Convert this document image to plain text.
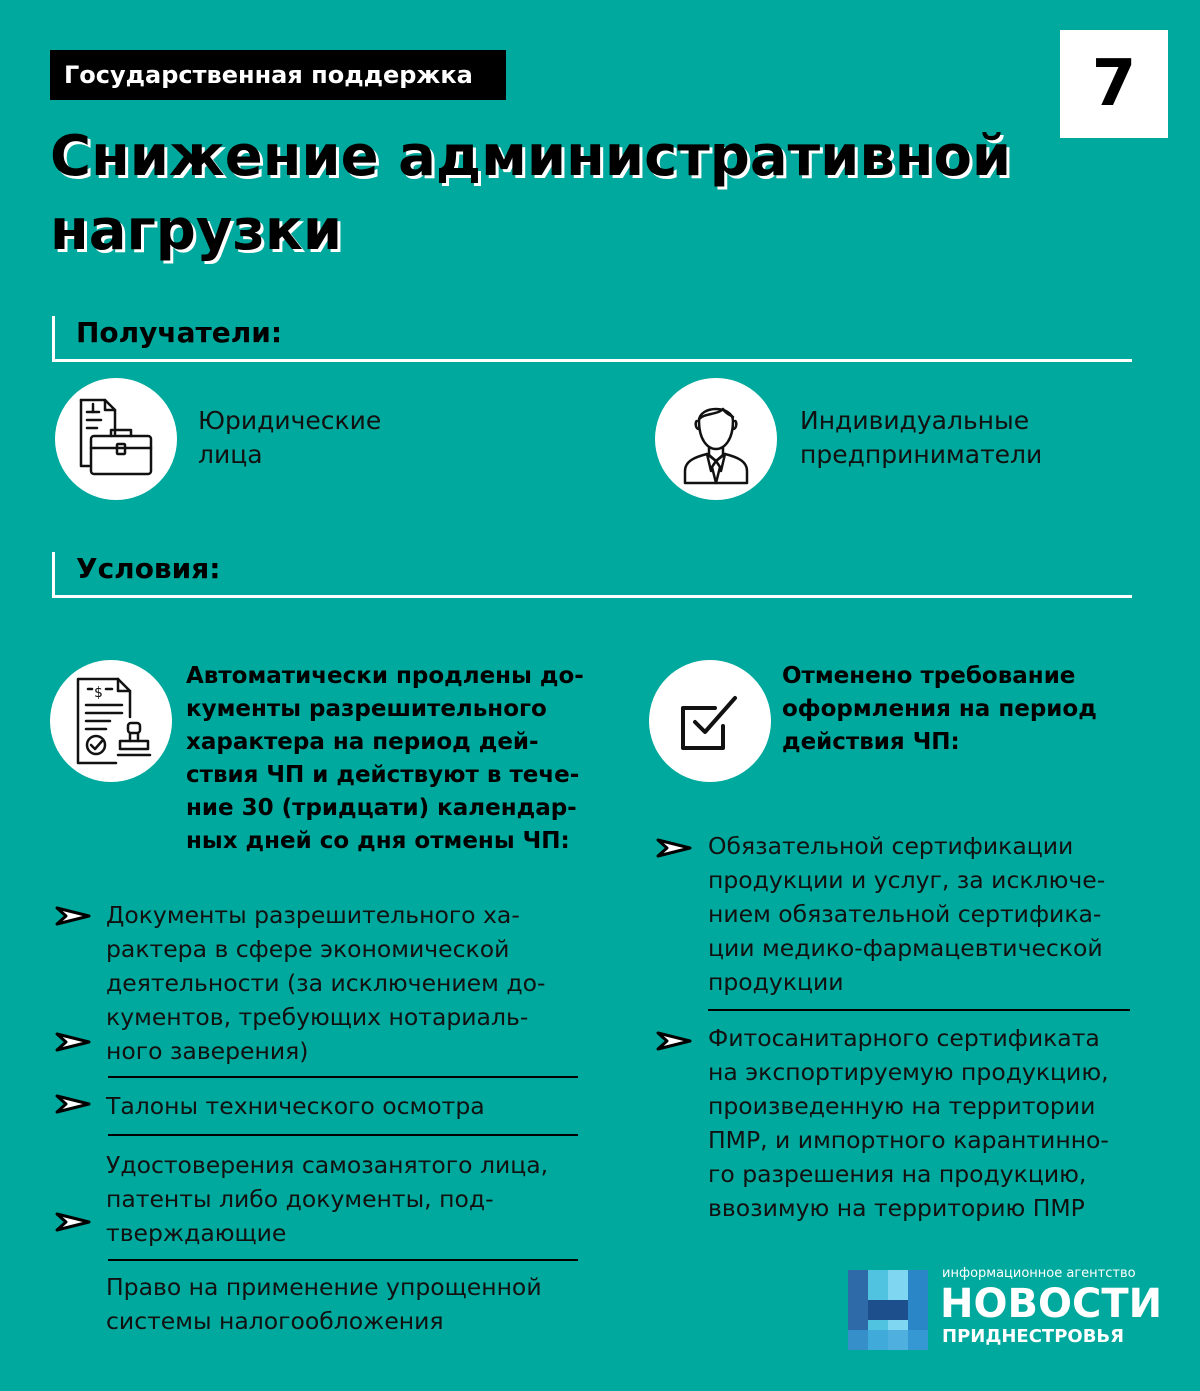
Государственная поддержка	7
Снижение административной
нагрузки
Получатели:
Юридические
лица
Индивидуальные
предприниматели
Условия:
$
Автоматически продлены до-
кументы разрешительного
характера на период дей-
ствия ЧП и действуют в тече-
ние 30 (тридцати) календар-
ных дней со дня отмены ЧП:
Документы разрешительного ха-
рактера в сфере экономической
деятельности (за исключением до-
кументов, требующих нотариаль-
ного заверения)
Талоны технического осмотра
Удостоверения самозанятого лица,
патенты либо документы, под-
тверждающие
Право на применение упрощенной
системы налогообложения
Отменено требование
оформления на период
действия ЧП:
Обязательной сертификации
продукции и услуг, за исключе-
нием обязательной сертифика-
ции медико-фармацевтической
продукции
Фитосанитарного сертификата
на экспортируемую продукцию,
произведенную на территории
ПМР, и импортного карантинно-
го разрешения на продукцию,
ввозимую на территорию ПМР
информационное агентство
НОВОСТИ
ПРИДНЕСТРОВЬЯ
